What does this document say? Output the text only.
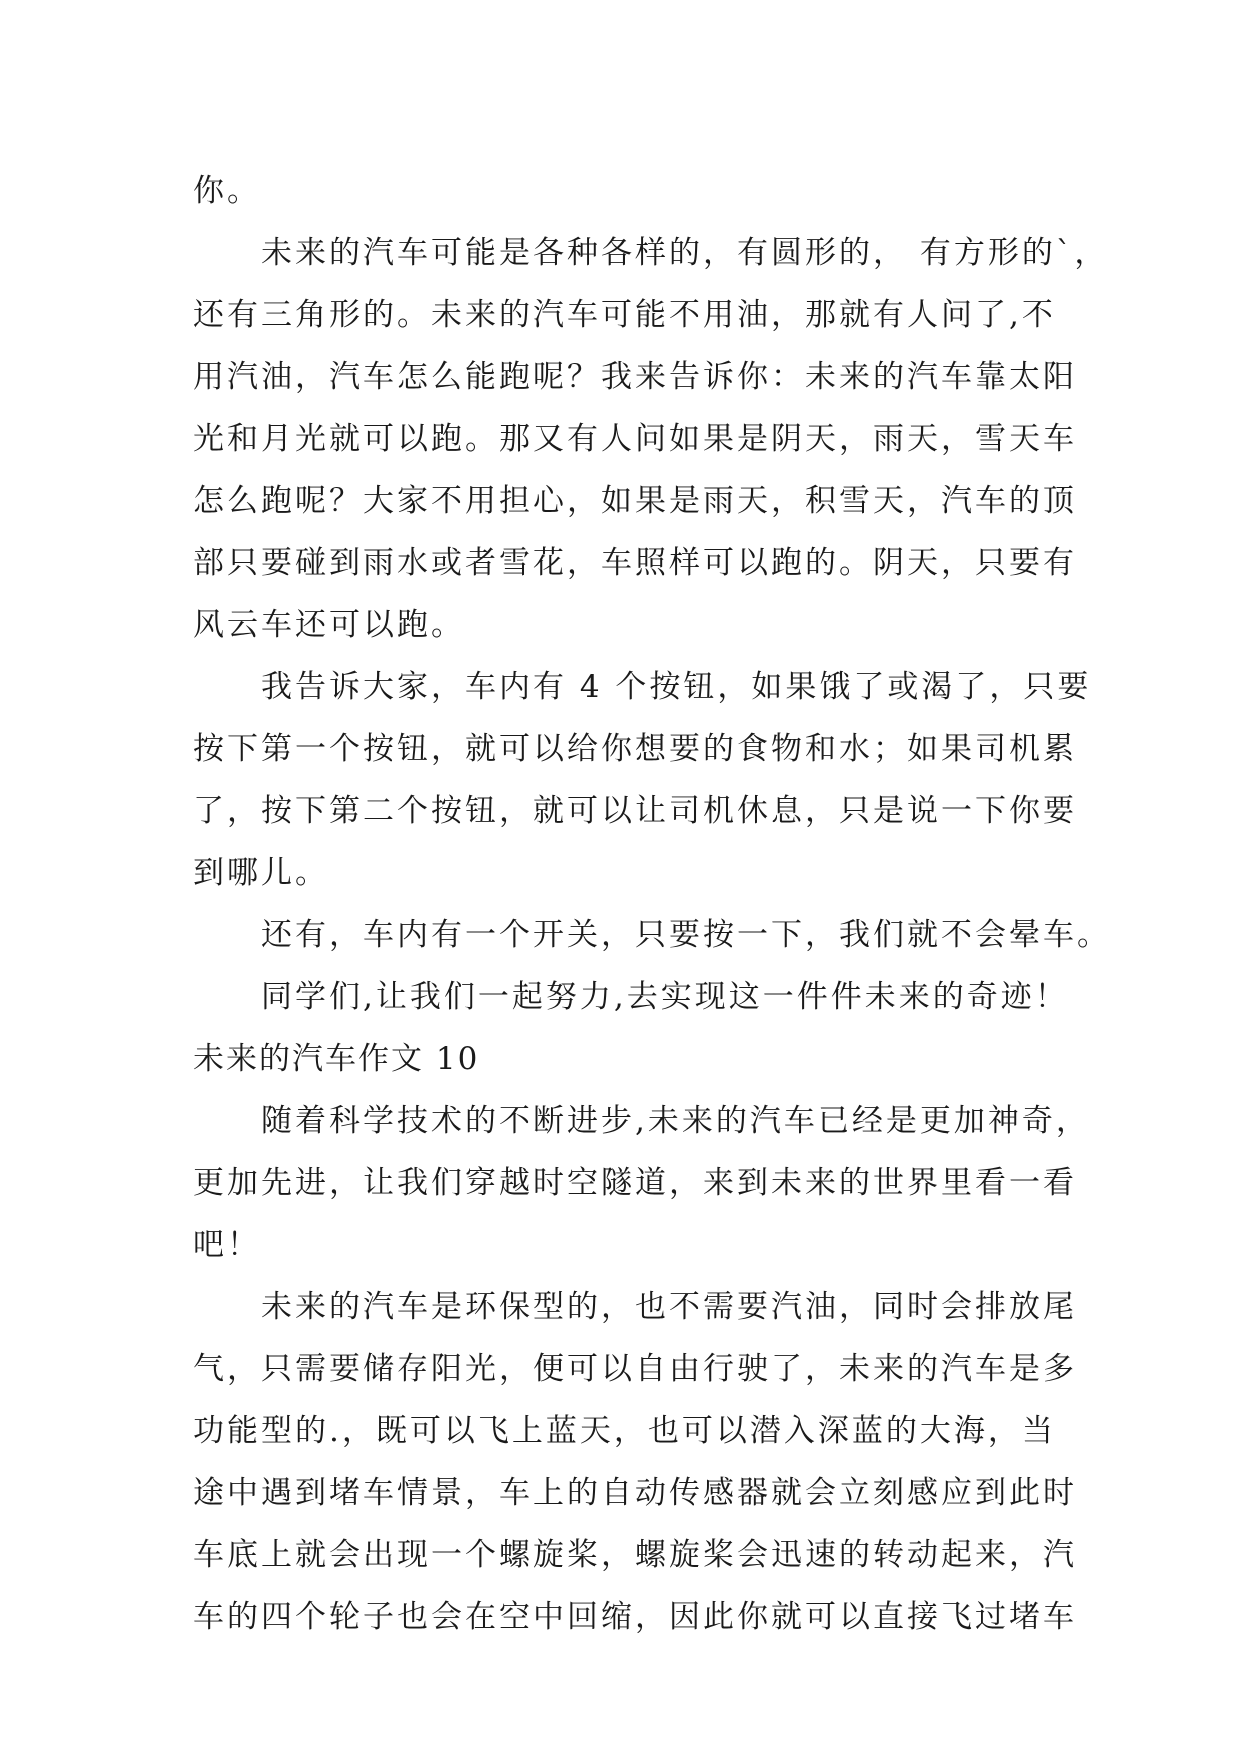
你。
未来的汽车可能是各种各样的，有圆形的， 有方形的`，
还有三角形的。未来的汽车可能不用油，那就有人问了,不
用汽油，汽车怎么能跑呢？我来告诉你：未来的汽车靠太阳
光和月光就可以跑。那又有人问如果是阴天，雨天，雪天车
怎么跑呢？大家不用担心，如果是雨天，积雪天，汽车的顶
部只要碰到雨水或者雪花，车照样可以跑的。阴天，只要有
风云车还可以跑。
我告诉大家，车内有 4 个按钮，如果饿了或渴了，只要
按下第一个按钮，就可以给你想要的食物和水；如果司机累
了，按下第二个按钮，就可以让司机休息，只是说一下你要
到哪儿。
还有，车内有一个开关，只要按一下，我们就不会晕车。
同学们,让我们一起努力,去实现这一件件未来的奇迹！
未来的汽车作文 10
随着科学技术的不断进步,未来的汽车已经是更加神奇，
更加先进，让我们穿越时空隧道，来到未来的世界里看一看
吧！
未来的汽车是环保型的，也不需要汽油，同时会排放尾
气，只需要储存阳光，便可以自由行驶了，未来的汽车是多
功能型的.，既可以飞上蓝天，也可以潜入深蓝的大海，当
途中遇到堵车情景，车上的自动传感器就会立刻感应到此时
车底上就会出现一个螺旋桨，螺旋桨会迅速的转动起来，汽
车的四个轮子也会在空中回缩，因此你就可以直接飞过堵车
